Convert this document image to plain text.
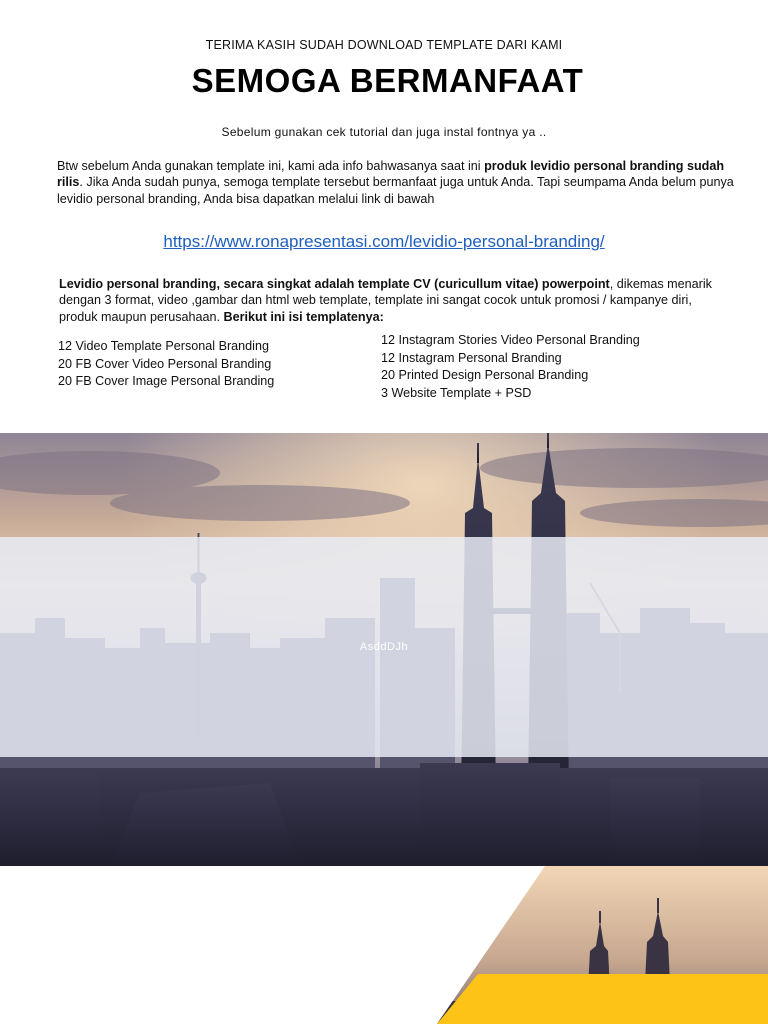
TERIMA KASIH SUDAH DOWNLOAD TEMPLATE DARI KAMI
SEMOGA BERMANFAAT
Sebelum gunakan cek tutorial dan juga instal fontnya ya ..
Btw sebelum Anda gunakan template ini, kami ada info bahwasanya saat ini produk levidio personal branding sudah rilis. Jika Anda sudah punya, semoga template tersebut bermanfaat juga untuk Anda. Tapi seumpama Anda belum punya levidio personal branding, Anda bisa dapatkan melalui link di bawah
https://www.ronapresentasi.com/levidio-personal-branding/
Levidio personal branding, secara singkat adalah template CV (curicullum vitae) powerpoint, dikemas menarik dengan 3 format, video ,gambar dan html web template, template ini sangat cocok untuk promosi / kampanye diri, produk maupun perusahaan. Berikut ini isi templatenya:
12 Video Template Personal Branding
20 FB Cover Video Personal Branding
20 FB Cover Image Personal Branding
12 Instagram Stories Video Personal Branding
12 Instagram Personal Branding
20 Printed Design Personal Branding
3 Website Template + PSD
AsddDJh
